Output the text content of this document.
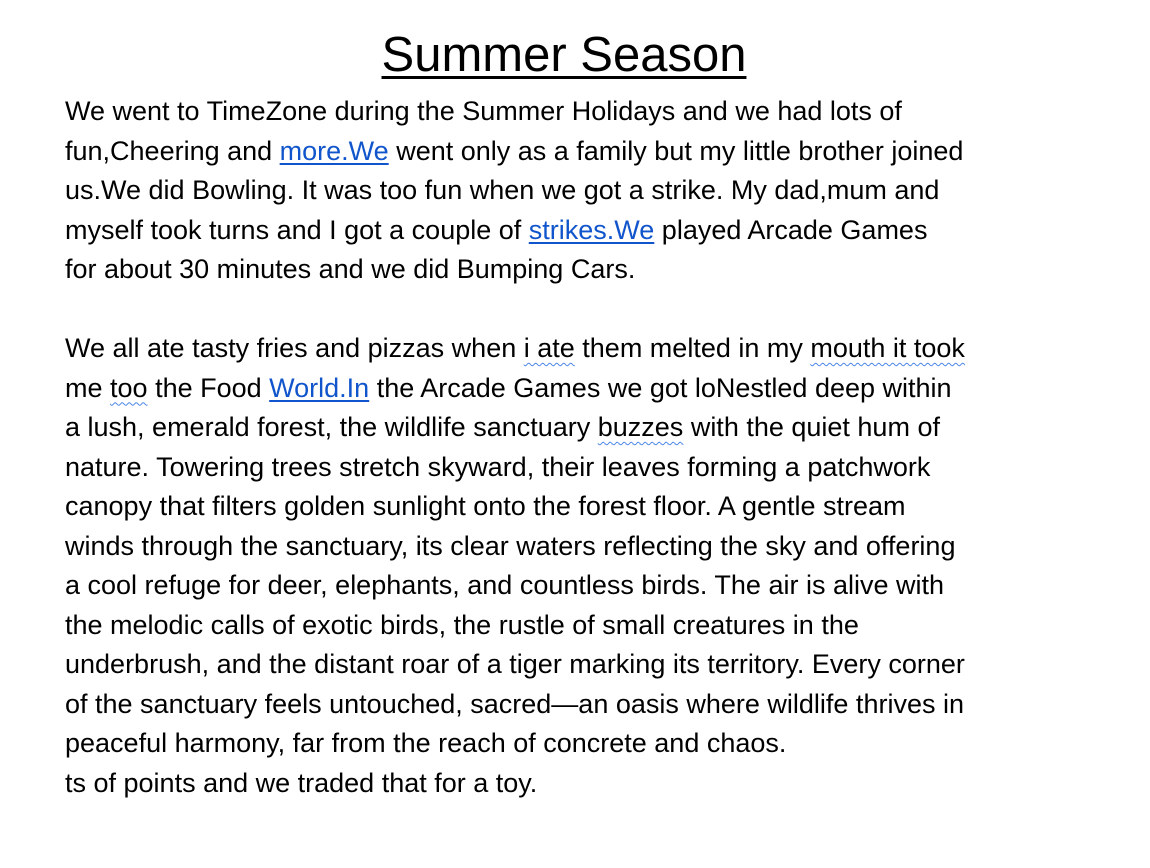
Summer Season
We went to TimeZone during the Summer Holidays and we had lots of
fun,Cheering and more.We went only as a family but my little brother joined
us.We did Bowling. It was too fun when we got a strike. My dad,mum and
myself took turns and I got a couple of strikes.We played Arcade Games
for about 30 minutes and we did Bumping Cars.
We all ate tasty fries and pizzas when i ate them melted in my mouth it took
me too the Food World.In the Arcade Games we got loNestled deep within
a lush, emerald forest, the wildlife sanctuary buzzes with the quiet hum of
nature. Towering trees stretch skyward, their leaves forming a patchwork
canopy that filters golden sunlight onto the forest floor. A gentle stream
winds through the sanctuary, its clear waters reflecting the sky and offering
a cool refuge for deer, elephants, and countless birds. The air is alive with
the melodic calls of exotic birds, the rustle of small creatures in the
underbrush, and the distant roar of a tiger marking its territory. Every corner
of the sanctuary feels untouched, sacred—an oasis where wildlife thrives in
peaceful harmony, far from the reach of concrete and chaos.
ts of points and we traded that for a toy.
